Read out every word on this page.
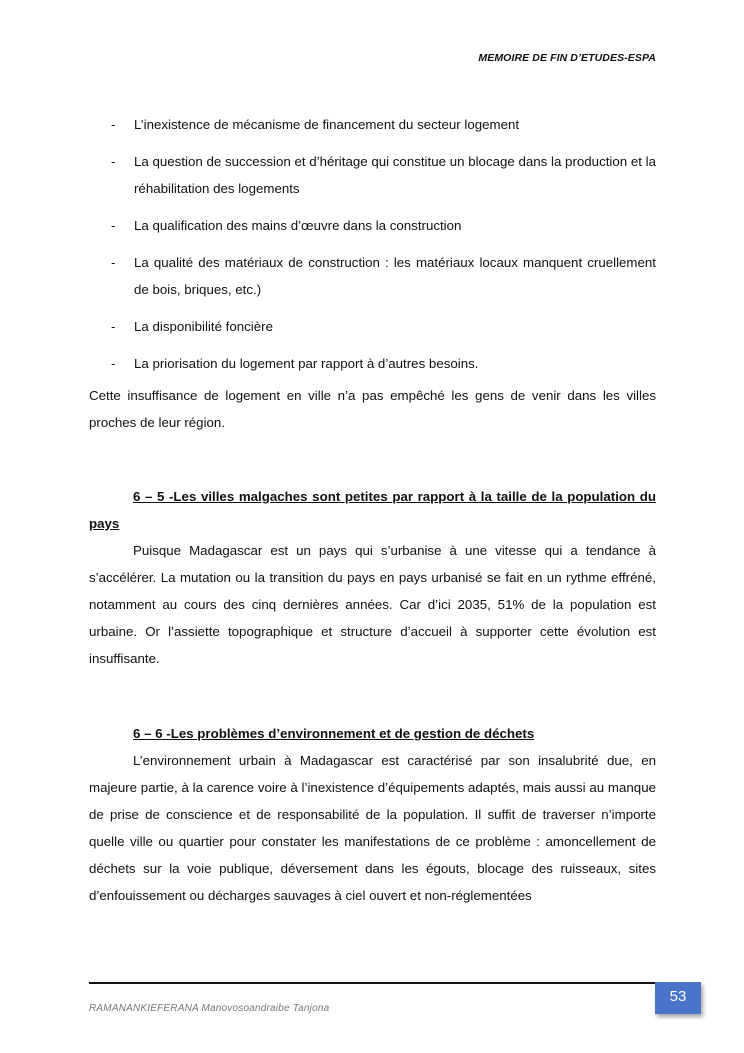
MEMOIRE DE FIN D’ETUDES-ESPA
- L’inexistence de mécanisme de financement du secteur logement
- La question de succession et d’héritage qui constitue un blocage dans la production et la réhabilitation des logements
- La qualification des mains d’œuvre dans la construction
- La qualité des matériaux de construction : les matériaux locaux manquent cruellement de bois, briques, etc.)
- La disponibilité foncière
- La priorisation du logement par rapport à d’autres besoins.

Cette insuffisance de logement en ville n’a pas empêché les gens de venir dans les villes proches de leur région.

6 – 5 -Les villes malgaches sont petites par rapport à la taille de la population du pays

Puisque Madagascar est un pays qui s’urbanise à une vitesse qui a tendance à s’accélérer. La mutation ou la transition du pays en pays urbanisé se fait en un rythme effréné, notamment au cours des cinq dernières années. Car d’ici 2035, 51% de la population est urbaine. Or l’assiette topographique et structure d’accueil à supporter cette évolution est insuffisante.

6 – 6 -Les problèmes d’environnement et de gestion de déchets

L’environnement urbain à Madagascar est caractérisé par son insalubrité due, en majeure partie, à la carence voire à l’inexistence d’équipements adaptés, mais aussi au manque de prise de conscience et de responsabilité de la population. Il suffit de traverser n’importe quelle ville ou quartier pour constater les manifestations de ce problème : amoncellement de déchets sur la voie publique, déversement dans les égouts, blocage des ruisseaux, sites d’enfouissement ou décharges sauvages à ciel ouvert et non-réglementées

53
RAMANANKIEFERANA Manovosoandraibe Tanjona
